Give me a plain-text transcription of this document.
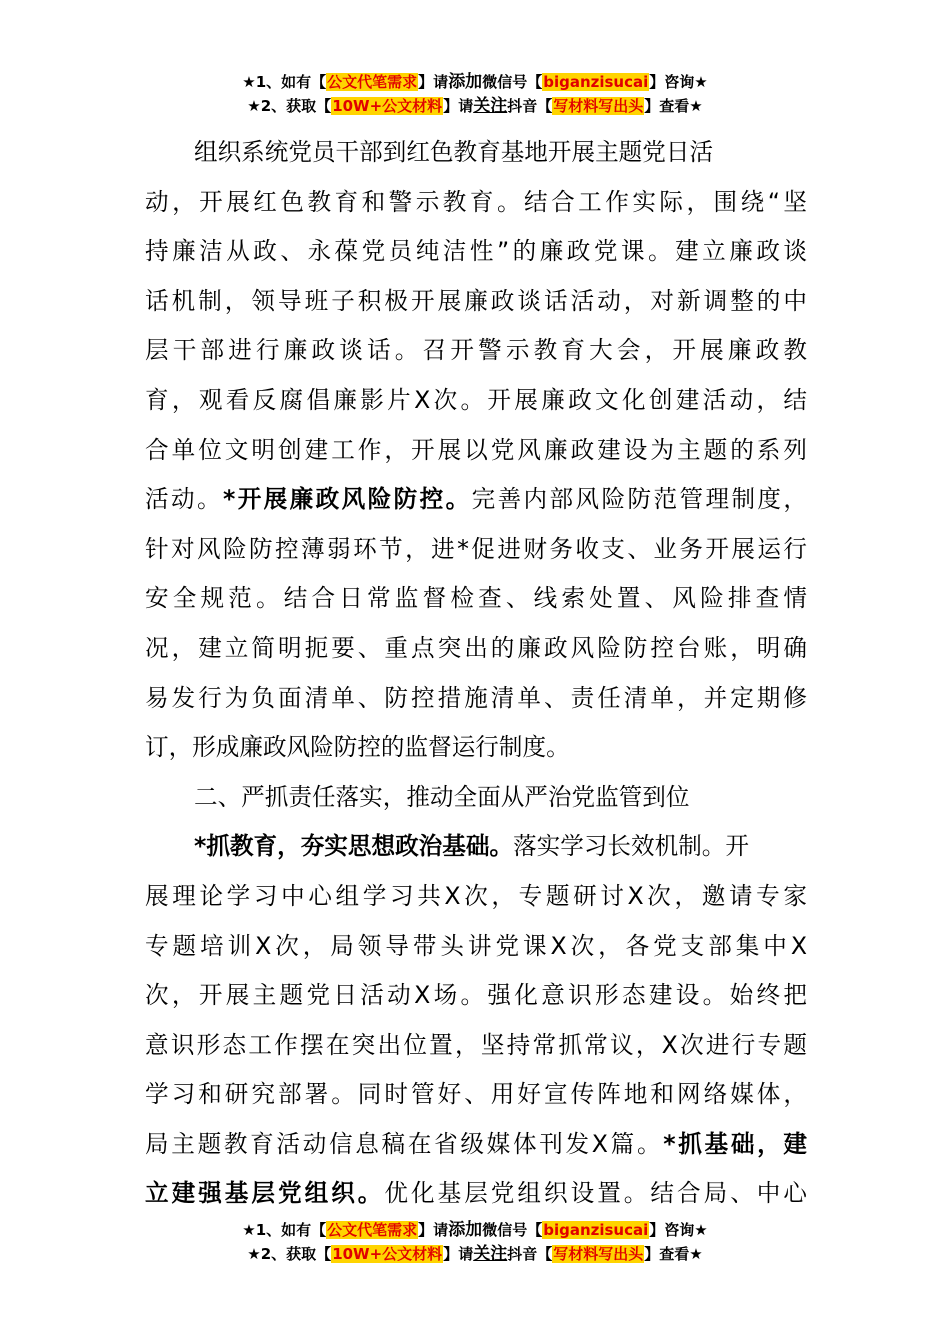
★1、如有【公文代笔需求】请添加微信号【biganzisucai】咨询★
★2、获取【10W+公文材料】请关注抖音【写材料写出头】查看★
组织系统党员干部到红色教育基地开展主题党日活
动，开展红色教育和警示教育。结合工作实际，围绕“坚
持廉洁从政、永葆党员纯洁性”的廉政党课。建立廉政谈
话机制，领导班子积极开展廉政谈话活动，对新调整的中
层干部进行廉政谈话。召开警示教育大会，开展廉政教
育，观看反腐倡廉影片X次。开展廉政文化创建活动，结
合单位文明创建工作，开展以党风廉政建设为主题的系列
活动。*开展廉政风险防控。完善内部风险防范管理制度，
针对风险防控薄弱环节，进*促进财务收支、业务开展运行
安全规范。结合日常监督检查、线索处置、风险排查情
况，建立简明扼要、重点突出的廉政风险防控台账，明确
易发行为负面清单、防控措施清单、责任清单，并定期修
订，形成廉政风险防控的监督运行制度。
二、严抓责任落实，推动全面从严治党监管到位
*抓教育，夯实思想政治基础。落实学习长效机制。开
展理论学习中心组学习共X次，专题研讨X次，邀请专家
专题培训X次，局领导带头讲党课X次，各党支部集中X
次，开展主题党日活动X场。强化意识形态建设。始终把
意识形态工作摆在突出位置，坚持常抓常议，X次进行专题
学习和研究部署。同时管好、用好宣传阵地和网络媒体，
局主题教育活动信息稿在省级媒体刊发X篇。*抓基础，建
立建强基层党组织。优化基层党组织设置。结合局、中心
★1、如有【公文代笔需求】请添加微信号【biganzisucai】咨询★
★2、获取【10W+公文材料】请关注抖音【写材料写出头】查看★
